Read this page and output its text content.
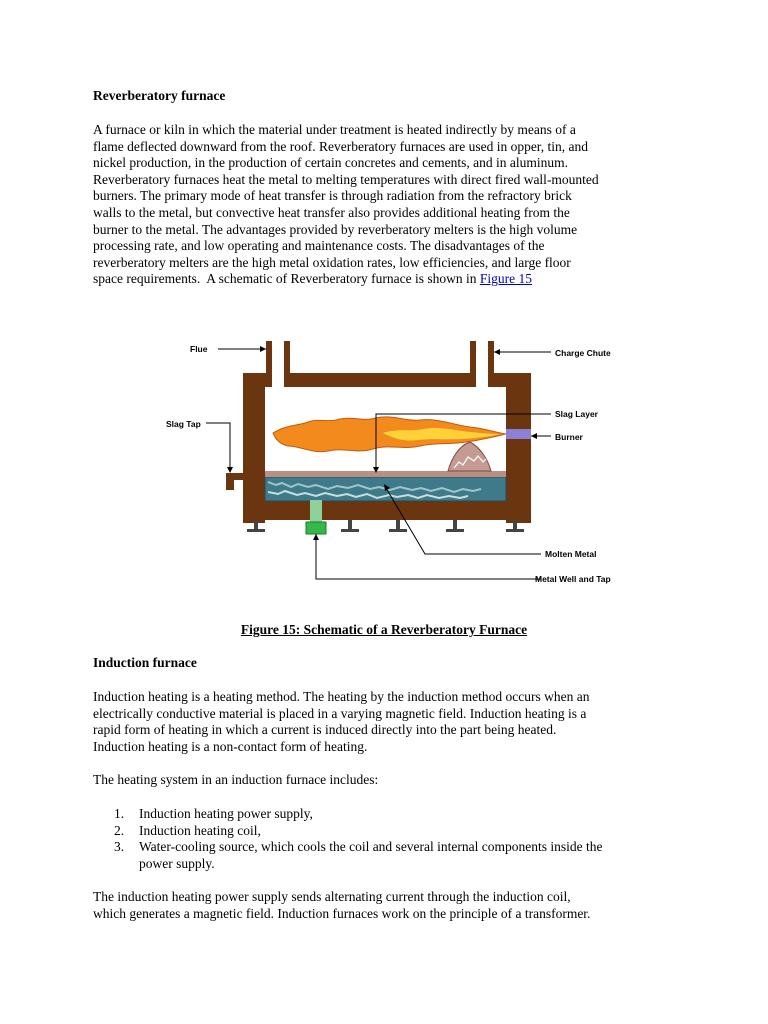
Reverberatory furnace

A furnace or kiln in which the material under treatment is heated indirectly by means of a
flame deflected downward from the roof. Reverberatory furnaces are used in opper, tin, and
nickel production, in the production of certain concretes and cements, and in aluminum.
Reverberatory furnaces heat the metal to melting temperatures with direct fired wall-mounted
burners. The primary mode of heat transfer is through radiation from the refractory brick
walls to the metal, but convective heat transfer also provides additional heating from the
burner to the metal. The advantages provided by reverberatory melters is the high volume
processing rate, and low operating and maintenance costs. The disadvantages of the
reverberatory melters are the high metal oxidation rates, low efficiencies, and large floor
space requirements.  A schematic of Reverberatory furnace is shown in Figure 15

Flue	Charge Chute
Slag Tap
Slag Layer
Burner
Molten Metal
Metal Well and Tap
Figure 15: Schematic of a Reverberatory Furnace
Induction furnace

Induction heating is a heating method. The heating by the induction method occurs when an
electrically conductive material is placed in a varying magnetic field. Induction heating is a
rapid form of heating in which a current is induced directly into the part being heated.
Induction heating is a non-contact form of heating.

The heating system in an induction furnace includes:

1. Induction heating power supply,
2. Induction heating coil,
3. Water-cooling source, which cools the coil and several internal components inside the
power supply.

The induction heating power supply sends alternating current through the induction coil,
which generates a magnetic field. Induction furnaces work on the principle of a transformer.
